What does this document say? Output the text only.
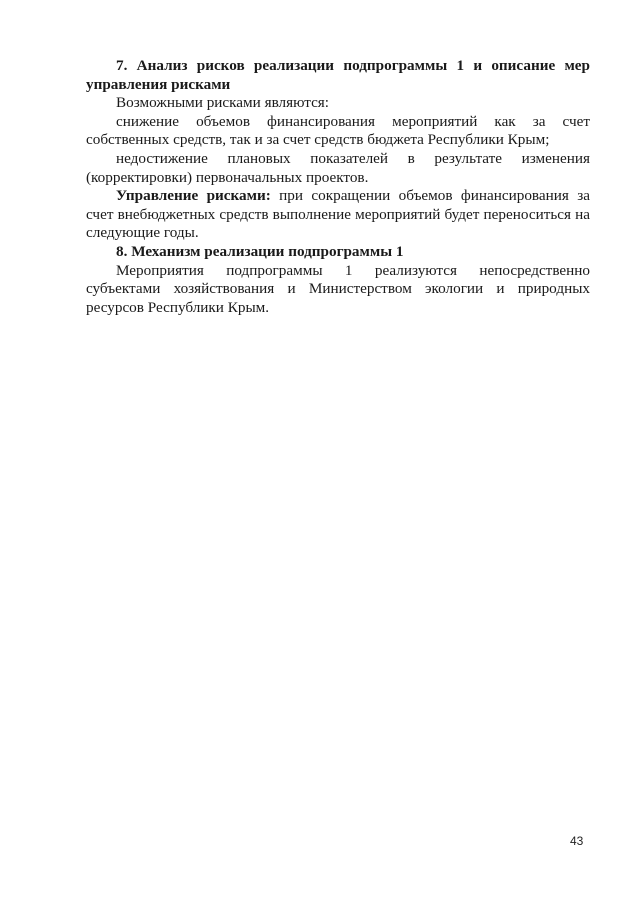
7. Анализ рисков реализации подпрограммы 1 и описание мер управления рисками

Возможными рисками являются:

снижение объемов финансирования мероприятий как за счет собственных средств, так и за счет средств бюджета Республики Крым;

недостижение плановых показателей в результате изменения (корректировки) первоначальных проектов.

Управление рисками: при сокращении объемов финансирования за счет внебюджетных средств выполнение мероприятий будет переноситься на следующие годы.

8. Механизм реализации подпрограммы 1

Мероприятия подпрограммы 1 реализуются непосредственно субъектами хозяйствования и Министерством экологии и природных ресурсов Республики Крым.

43
